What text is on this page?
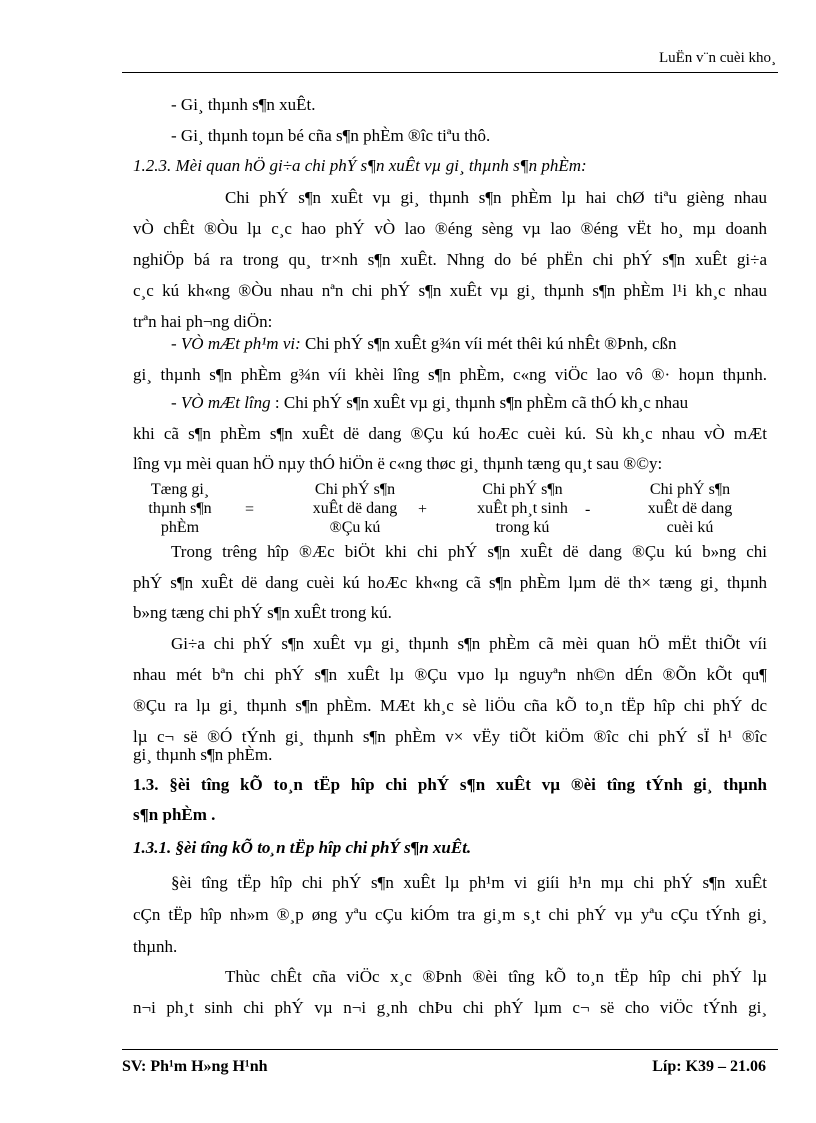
LuËn v¨n cuèi kho¸
- Gi¸ thµnh s¶n xuÊt.
- Gi¸ thµnh toµn bé cña s¶n phÈm ®îc tiªu thô.
1.2.3. Mèi quan hÖ gi÷a chi phÝ s¶n xuÊt vµ gi¸ thµnh s¶n phÈm:
Chi phÝ s¶n xuÊt vµ gi¸ thµnh s¶n phÈm lµ hai chØ tiªu gièng nhau
vÒ chÊt ®Òu lµ c¸c hao phÝ vÒ lao ®éng sèng vµ lao ®éng vËt ho¸ mµ doanh
nghiÖp bá ra trong qu¸ tr×nh s¶n xuÊt. Nhng do bé phËn chi phÝ s¶n xuÊt gi÷a
c¸c kú kh«ng ®Òu nhau nªn chi phÝ s¶n xuÊt vµ gi¸ thµnh s¶n phÈm l¹i kh¸c nhau
trªn hai ph¬ng diÖn:
- VÒ mÆt ph¹m vi: Chi phÝ s¶n xuÊt g¾n víi mét thêi kú nhÊt ®Þnh, cßn
gi¸ thµnh s¶n phÈm g¾n víi khèi lîng s¶n phÈm, c«ng viÖc lao vô ®· hoµn thµnh.
- VÒ mÆt lîng : Chi phÝ s¶n xuÊt vµ gi¸ thµnh s¶n phÈm cã thÓ kh¸c nhau
khi cã s¶n phÈm s¶n xuÊt dë dang ®Çu kú hoÆc cuèi kú. Sù kh¸c nhau vÒ mÆt
lîng vµ mèi quan hÖ nµy thÓ hiÖn ë c«ng thøc gi¸ thµnh tæng qu¸t sau ®©y:
Tæng gi¸
thµnh s¶n
phÈm
=
Chi phÝ s¶n
xuÊt dë dang
®Çu kú
+
Chi phÝ s¶n
xuÊt ph¸t sinh
trong kú
-
Chi phÝ s¶n
xuÊt dë dang
cuèi kú
Trong trêng hîp ®Æc biÖt khi chi phÝ s¶n xuÊt dë dang ®Çu kú b»ng chi
phÝ s¶n xuÊt dë dang cuèi kú hoÆc kh«ng cã s¶n phÈm lµm dë th× tæng gi¸ thµnh
b»ng tæng chi phÝ s¶n xuÊt trong kú.
Gi÷a chi phÝ s¶n xuÊt vµ gi¸ thµnh s¶n phÈm cã mèi quan hÖ mËt thiÕt víi
nhau mét bªn chi phÝ s¶n xuÊt lµ ®Çu vµo lµ nguyªn nh©n dÉn ®Õn kÕt qu¶
®Çu ra lµ gi¸ thµnh s¶n phÈm. MÆt kh¸c sè liÖu cña kÕ to¸n tËp hîp chi phÝ dc
lµ c¬ së ®Ó tÝnh gi¸ thµnh s¶n phÈm v× vËy tiÕt kiÖm ®îc chi phÝ sÏ h¹ ®îc
gi¸ thµnh s¶n phÈm.
1.3. §èi tîng kÕ to¸n tËp hîp chi phÝ s¶n xuÊt vµ ®èi tîng tÝnh gi¸ thµnh
s¶n phÈm .
1.3.1. §èi tîng kÕ to¸n tËp hîp chi phÝ s¶n xuÊt.
§èi tîng tËp hîp chi phÝ s¶n xuÊt lµ ph¹m vi giíi h¹n mµ chi phÝ s¶n xuÊt
cÇn tËp hîp nh»m ®¸p øng yªu cÇu kiÓm tra gi¸m s¸t chi phÝ vµ yªu cÇu tÝnh gi¸
thµnh.
Thùc chÊt cña viÖc x¸c ®Þnh ®èi tîng kÕ to¸n tËp hîp chi phÝ lµ
n¬i ph¸t sinh chi phÝ vµ n¬i g¸nh chÞu chi phÝ lµm c¬ së cho viÖc tÝnh gi¸
SV: Ph¹m H»ng H¹nh	Líp: K39 – 21.06
